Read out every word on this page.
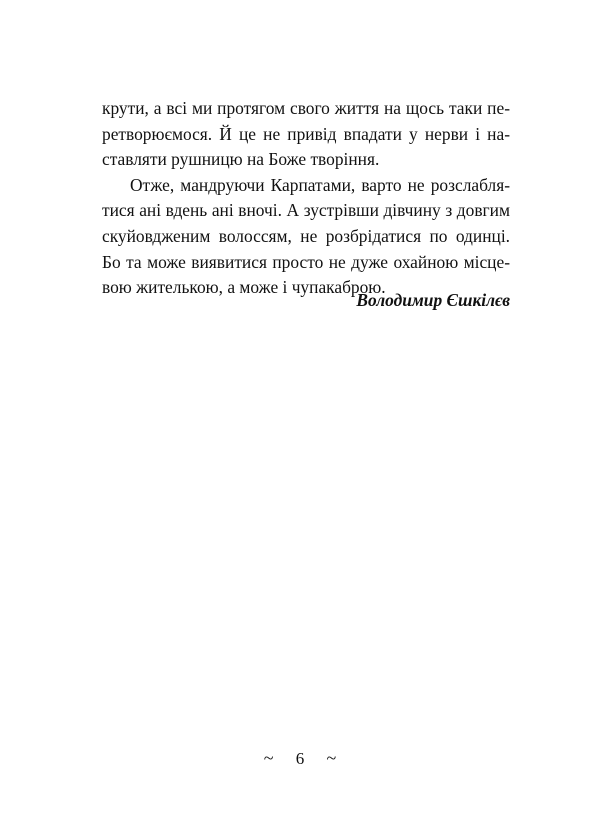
крути, а всі ми протягом свого життя на щось таки пе-
ретворюємося. Й це не привід впадати у нерви і на-
ставляти рушницю на Боже творіння.
Отже, мандруючи Карпатами, варто не розслабля-
тися ані вдень ані вночі. А зустрівши дівчину з довгим
скуйовдженим волоссям, не розбрідатися по одинці.
Бо та може виявитися просто не дуже охайною місце-
вою жителькою, а може і чупакаброю.
Володимир Єшкілєв
~ 6 ~
